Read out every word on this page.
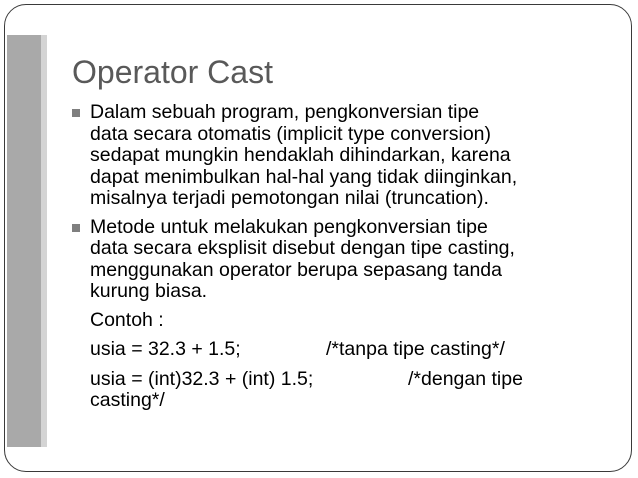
Operator Cast
Dalam sebuah program, pengkonversian tipe
data secara otomatis (implicit type conversion)
sedapat mungkin hendaklah dihindarkan, karena
dapat menimbulkan hal-hal yang tidak diinginkan,
misalnya terjadi pemotongan nilai (truncation).
Metode untuk melakukan pengkonversian tipe
data secara eksplisit disebut dengan tipe casting,
menggunakan operator berupa sepasang tanda
kurung biasa.
Contoh :
usia = 32.3 + 1.5;	/*tanpa tipe casting*/
usia = (int)32.3 + (int) 1.5;	/*dengan tipe
casting*/
